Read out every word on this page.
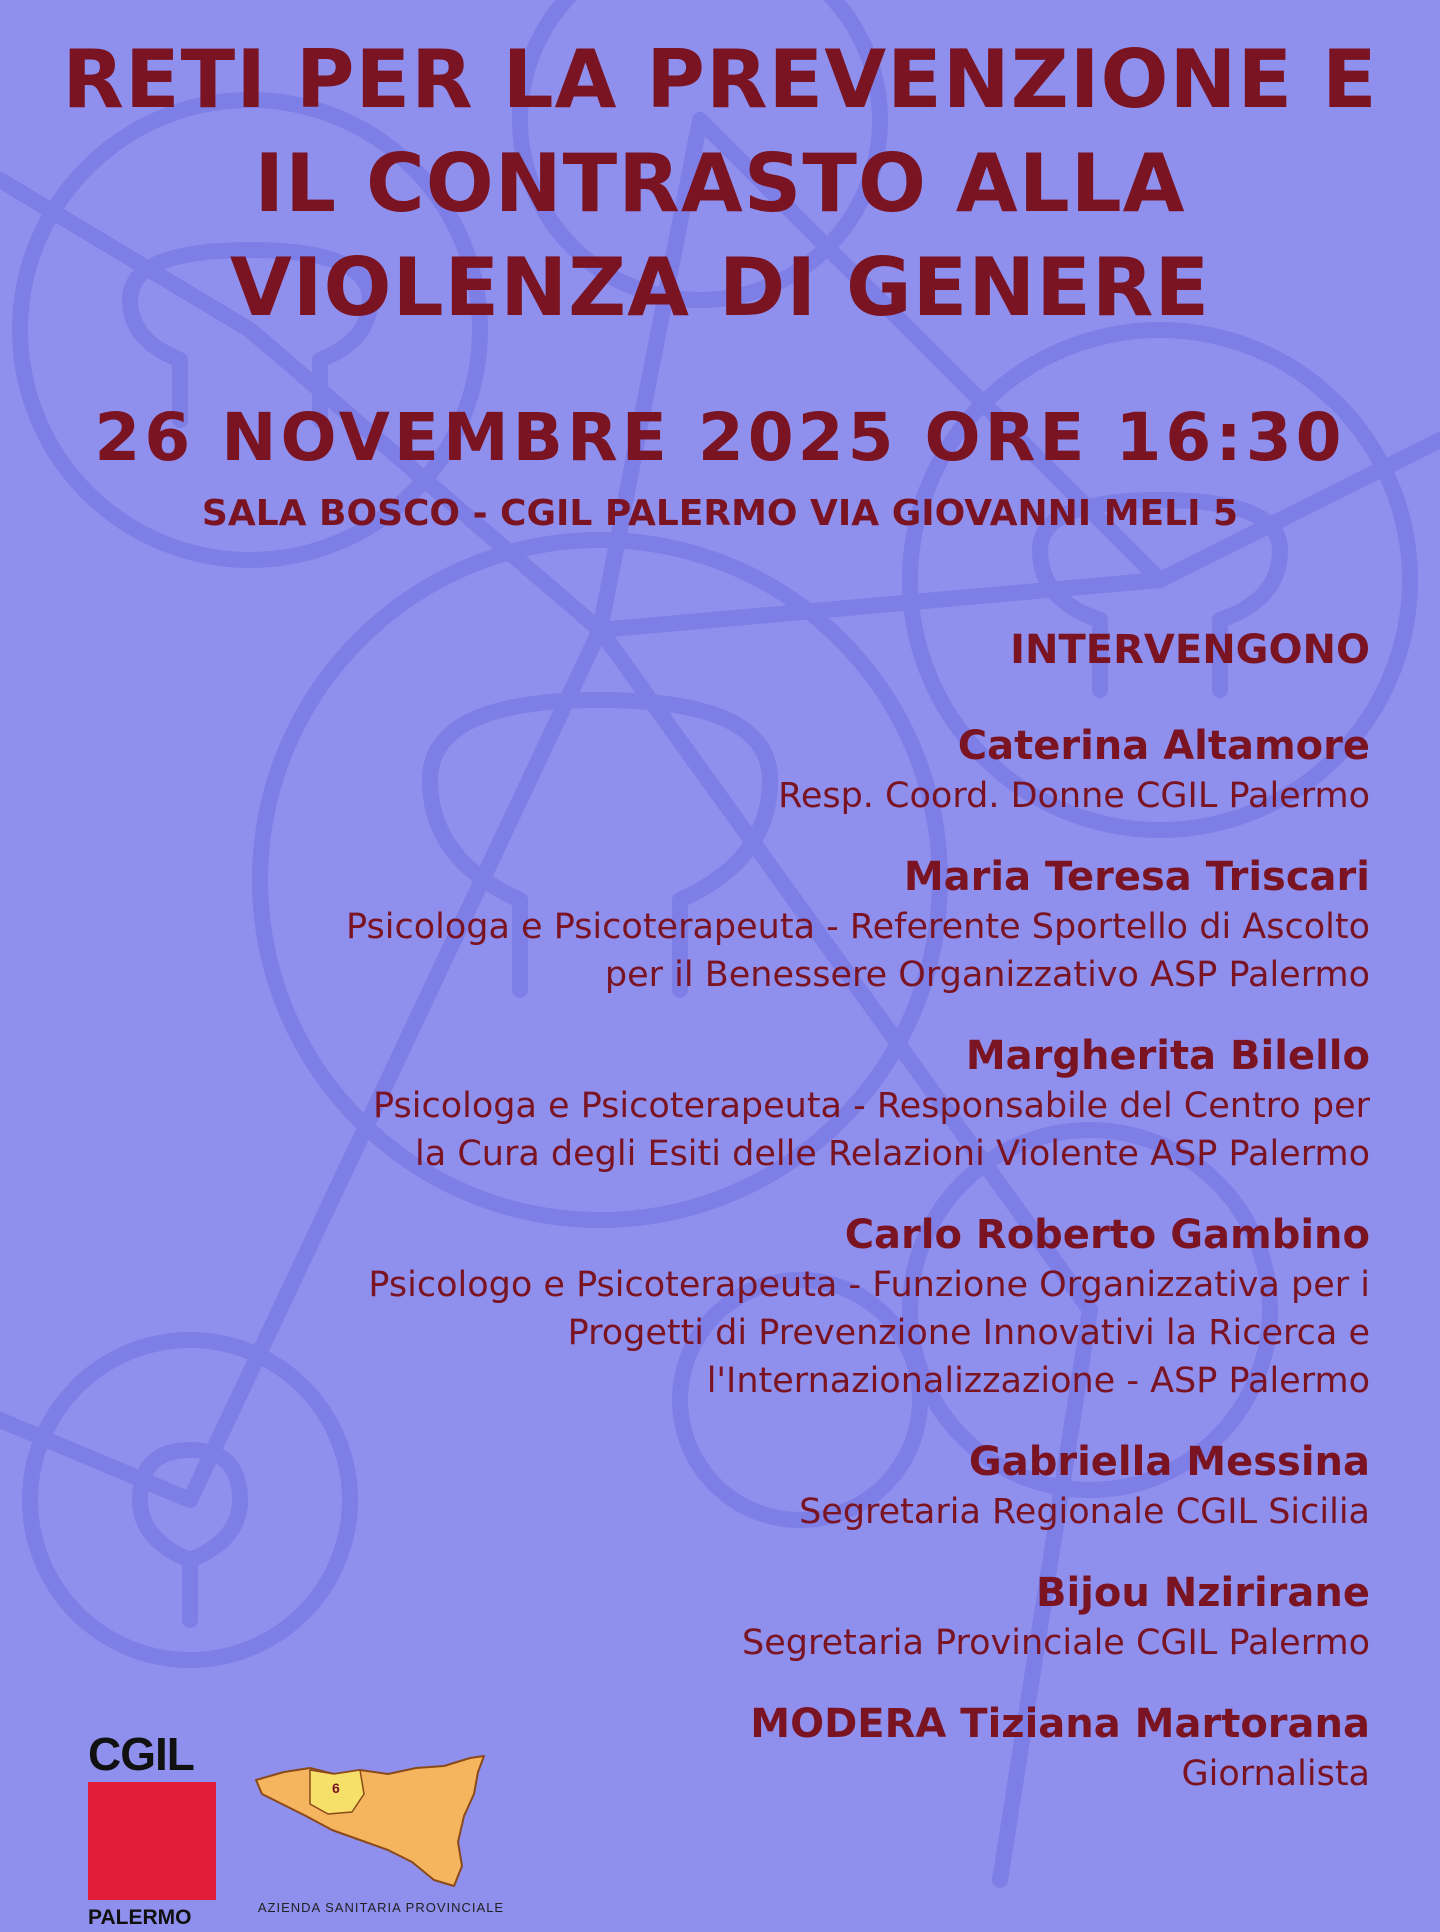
RETI PER LA PREVENZIONE E
IL CONTRASTO ALLA
VIOLENZA DI GENERE
26 NOVEMBRE 2025 ORE 16:30
SALA BOSCO - CGIL PALERMO VIA GIOVANNI MELI 5
INTERVENGONO
Caterina Altamore
Resp. Coord. Donne CGIL Palermo
Maria Teresa Triscari
Psicologa e Psicoterapeuta - Referente Sportello di Ascolto
per il Benessere Organizzativo ASP Palermo
Margherita Bilello
Psicologa e Psicoterapeuta - Responsabile del Centro per
la Cura degli Esiti delle Relazioni Violente ASP Palermo
Carlo Roberto Gambino
Psicologo e Psicoterapeuta - Funzione Organizzativa per i
Progetti di Prevenzione Innovativi la Ricerca e
l'Internazionalizzazione - ASP Palermo
Gabriella Messina
Segretaria Regionale CGIL Sicilia
Bijou Nzirirane
Segretaria Provinciale CGIL Palermo
MODERA Tiziana Martorana
Giornalista
CGIL
PALERMO
6
AZIENDA SANITARIA PROVINCIALE
